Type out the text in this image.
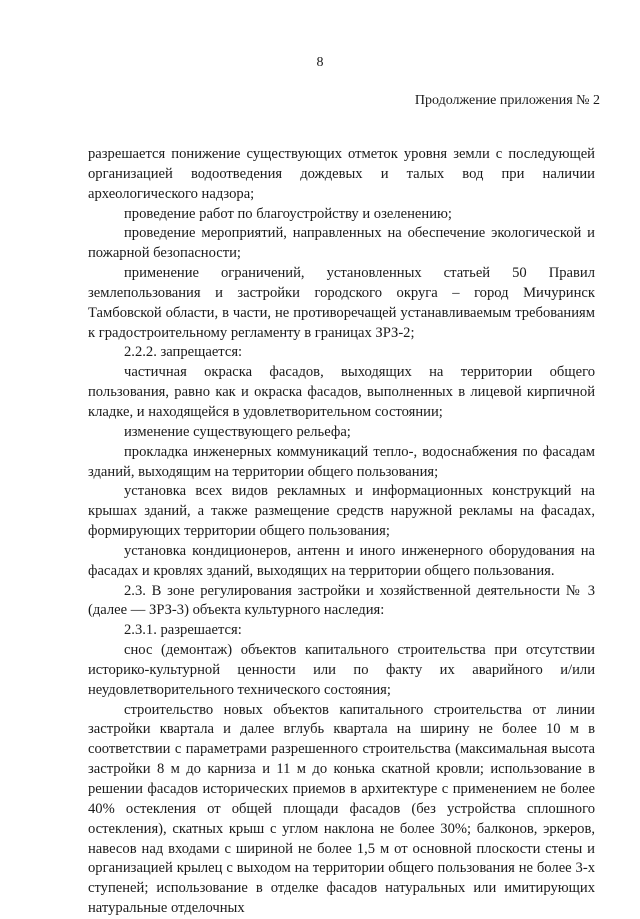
8
Продолжение приложения № 2

разрешается понижение существующих отметок уровня земли с последующей организацией водоотведения дождевых и талых вод при наличии археологического надзора;

проведение работ по благоустройству и озеленению;

проведение мероприятий, направленных на обеспечение экологической и пожарной безопасности;

применение ограничений, установленных статьей 50 Правил землепользования и застройки городского округа – город Мичуринск Тамбовской области, в части, не противоречащей устанавливаемым требованиям к градостроительному регламенту в границах ЗРЗ-2;

2.2.2. запрещается:

частичная окраска фасадов, выходящих на территории общего пользования, равно как и окраска фасадов, выполненных в лицевой кирпичной кладке, и находящейся в удовлетворительном состоянии;

изменение существующего рельефа;

прокладка инженерных коммуникаций тепло-, водоснабжения по фасадам зданий, выходящим на территории общего пользования;

установка всех видов рекламных и информационных конструкций на крышах зданий, а также размещение средств наружной рекламы на фасадах, формирующих территории общего пользования;

установка кондиционеров, антенн и иного инженерного оборудования на фасадах и кровлях зданий, выходящих на территории общего пользования.

2.3. В зоне регулирования застройки и хозяйственной деятельности № 3 (далее — ЗРЗ-3) объекта культурного наследия:

2.3.1. разрешается:

снос (демонтаж) объектов капитального строительства при отсутствии историко-культурной ценности или по факту их аварийного и/или неудовлетворительного технического состояния;

строительство новых объектов капитального строительства от линии застройки квартала и далее вглубь квартала на ширину не более 10 м в соответствии с параметрами разрешенного строительства (максимальная высота застройки 8 м до карниза и 11 м до конька скатной кровли; использование в решении фасадов исторических приемов в архитектуре с применением не более 40% остекления от общей площади фасадов (без устройства сплошного остекления), скатных крыш с углом наклона не более 30%; балконов, эркеров, навесов над входами с шириной не более 1,5 м от основной плоскости стены и организацией крылец с выходом на территории общего пользования не более 3-х ступеней; использование в отделке фасадов натуральных или имитирующих натуральные отделочных
